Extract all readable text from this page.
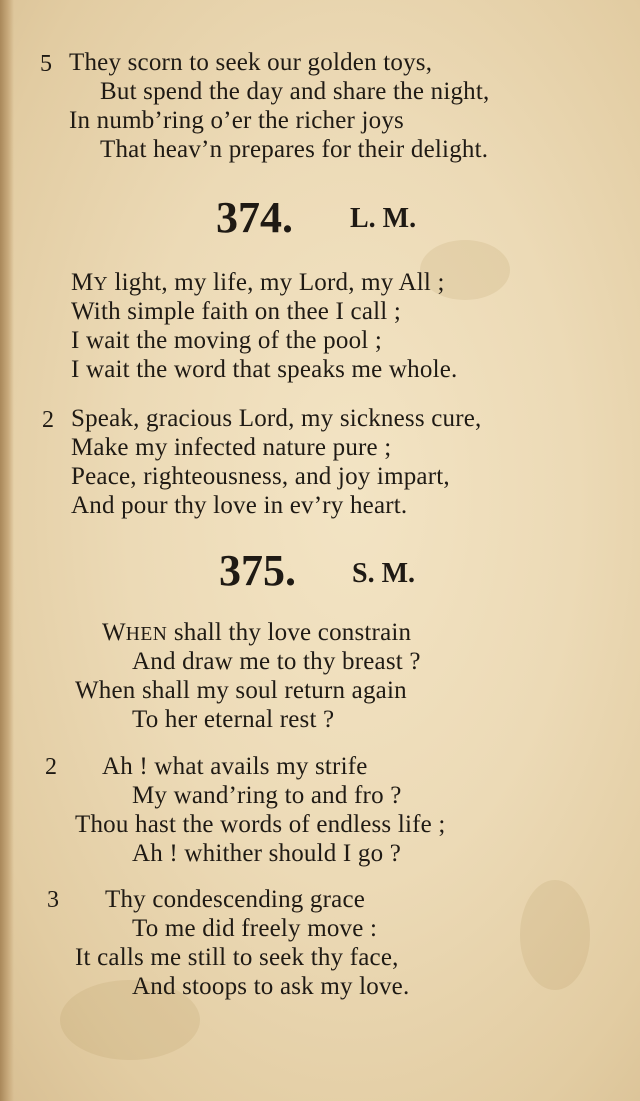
5 They scorn to seek our golden toys,
But spend the day and share the night,
In numb’ring o’er the richer joys
That heav’n prepares for their delight.
374. L. M.
MY light, my life, my Lord, my All ;
With simple faith on thee I call ;
I wait the moving of the pool ;
I wait the word that speaks me whole.
2 Speak, gracious Lord, my sickness cure,
Make my infected nature pure ;
Peace, righteousness, and joy impart,
And pour thy love in ev’ry heart.
375. S. M.
WHEN shall thy love constrain
And draw me to thy breast ?
When shall my soul return again
To her eternal rest ?
2 Ah ! what avails my strife
My wand’ring to and fro ?
Thou hast the words of endless life ;
Ah ! whither should I go ?
3 Thy condescending grace
To me did freely move :
It calls me still to seek thy face,
And stoops to ask my love.
